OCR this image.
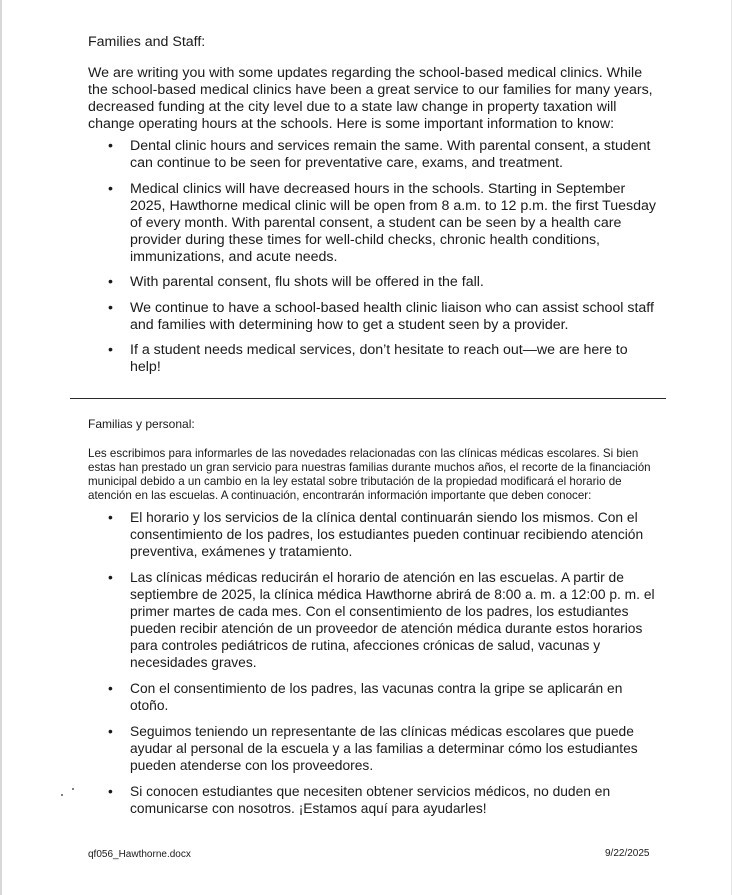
Families and Staff:

We are writing you with some updates regarding the school-based medical clinics. While the school-based medical clinics have been a great service to our families for many years, decreased funding at the city level due to a state law change in property taxation will change operating hours at the schools. Here is some important information to know:

• Dental clinic hours and services remain the same. With parental consent, a student can continue to be seen for preventative care, exams, and treatment.
• Medical clinics will have decreased hours in the schools. Starting in September 2025, Hawthorne medical clinic will be open from 8 a.m. to 12 p.m. the first Tuesday of every month. With parental consent, a student can be seen by a health care provider during these times for well-child checks, chronic health conditions, immunizations, and acute needs.
• With parental consent, flu shots will be offered in the fall.
• We continue to have a school-based health clinic liaison who can assist school staff and families with determining how to get a student seen by a provider.
• If a student needs medical services, don’t hesitate to reach out—we are here to help!

Familias y personal:

Les escribimos para informarles de las novedades relacionadas con las clínicas médicas escolares. Si bien estas han prestado un gran servicio para nuestras familias durante muchos años, el recorte de la financiación municipal debido a un cambio en la ley estatal sobre tributación de la propiedad modificará el horario de atención en las escuelas. A continuación, encontrarán información importante que deben conocer:

• El horario y los servicios de la clínica dental continuarán siendo los mismos. Con el consentimiento de los padres, los estudiantes pueden continuar recibiendo atención preventiva, exámenes y tratamiento.
• Las clínicas médicas reducirán el horario de atención en las escuelas. A partir de septiembre de 2025, la clínica médica Hawthorne abrirá de 8:00 a. m. a 12:00 p. m. el primer martes de cada mes. Con el consentimiento de los padres, los estudiantes pueden recibir atención de un proveedor de atención médica durante estos horarios para controles pediátricos de rutina, afecciones crónicas de salud, vacunas y necesidades graves.
• Con el consentimiento de los padres, las vacunas contra la gripe se aplicarán en otoño.
• Seguimos teniendo un representante de las clínicas médicas escolares que puede ayudar al personal de la escuela y a las familias a determinar cómo los estudiantes pueden atenderse con los proveedores.
• Si conocen estudiantes que necesiten obtener servicios médicos, no duden en comunicarse con nosotros. ¡Estamos aquí para ayudarles!
qf056_Hawthorne.docx	9/22/2025
